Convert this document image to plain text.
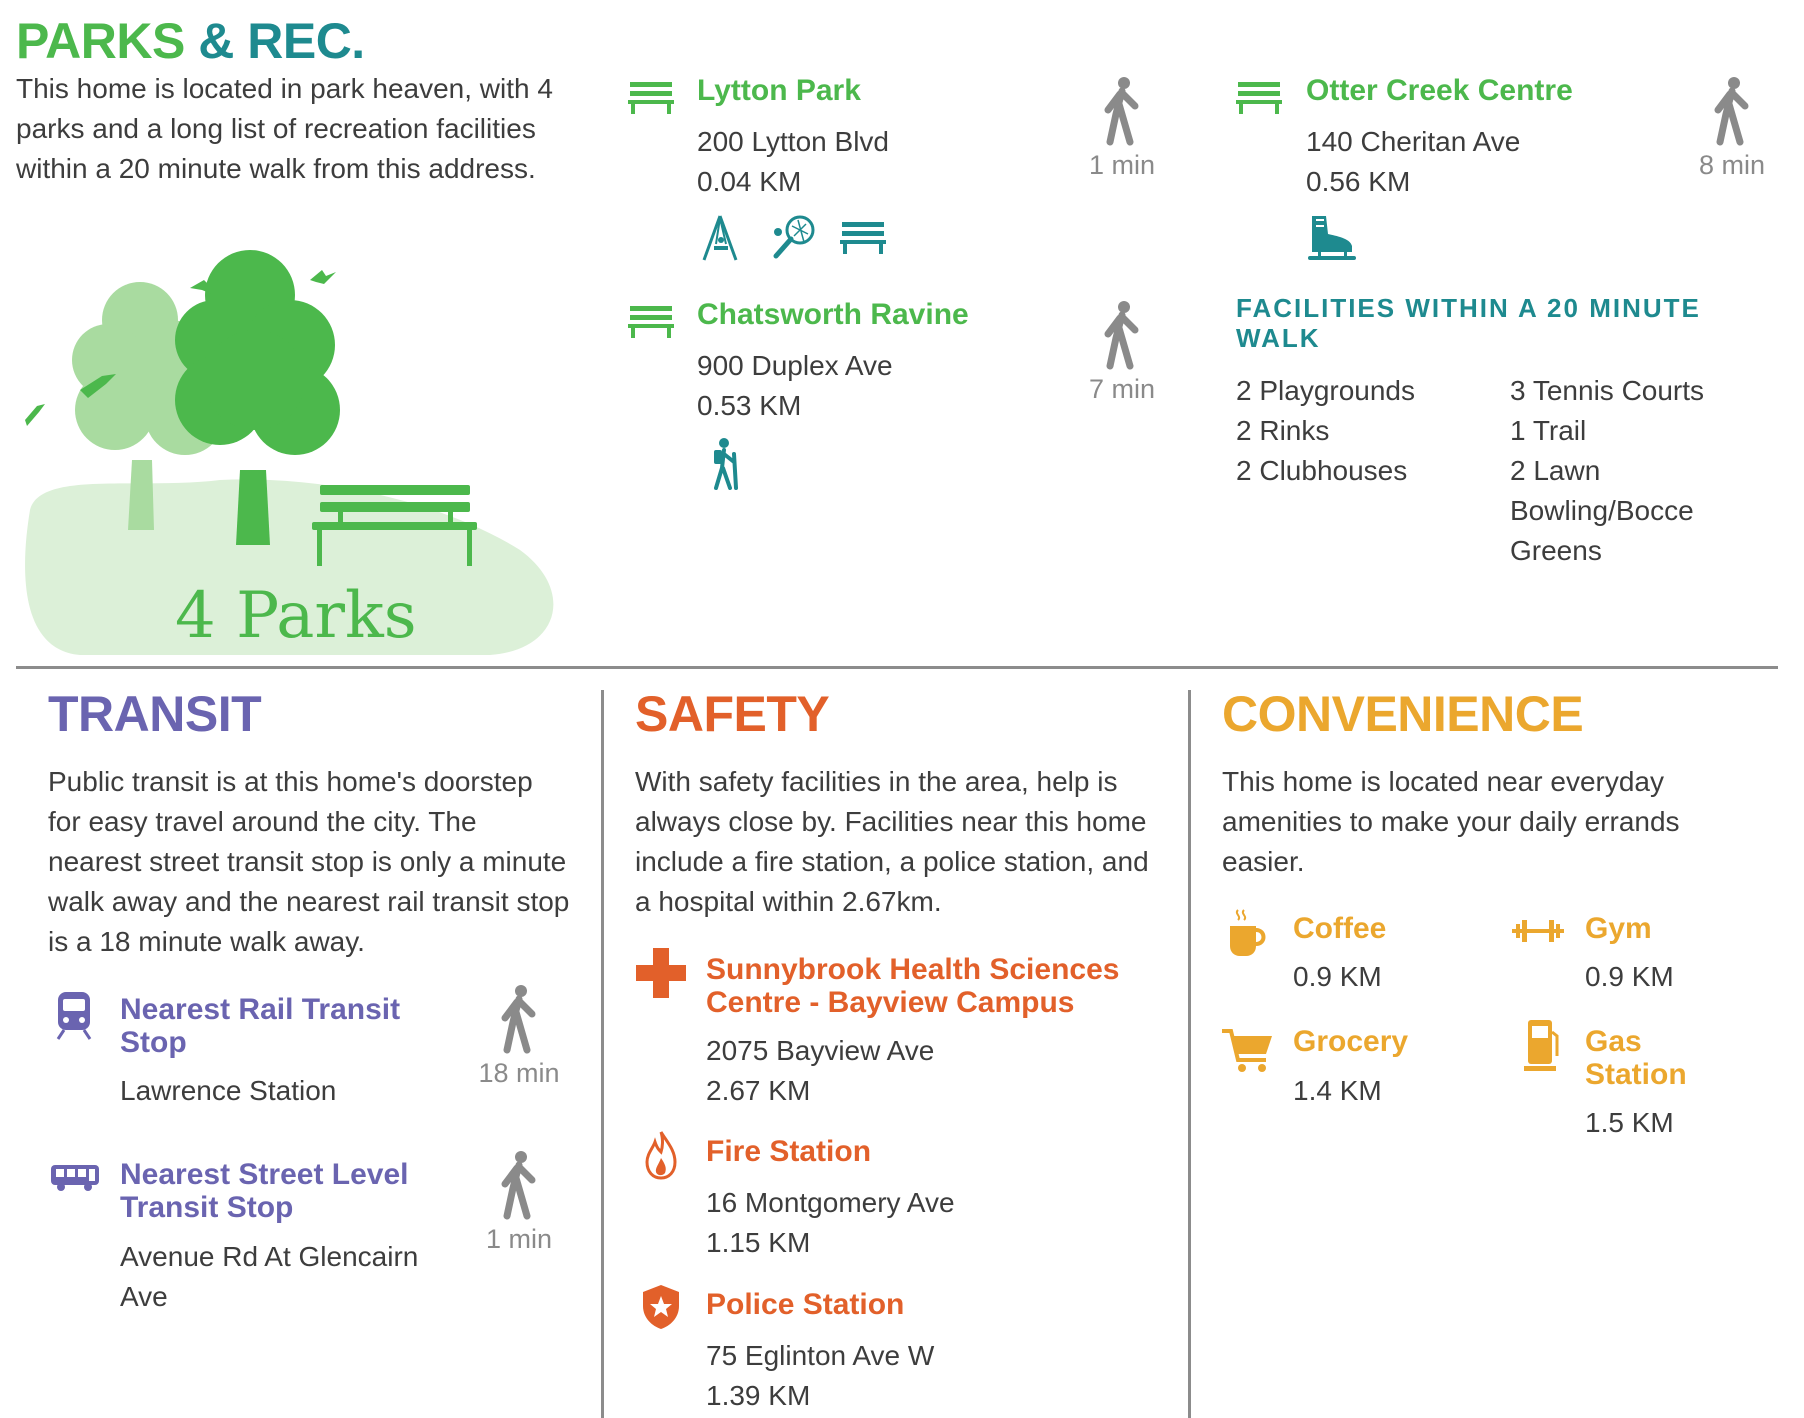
PARKS & REC.
This home is located in park heaven, with 4 parks and a long list of recreation facilities within a 20 minute walk from this address.
4 Parks
Lytton Park
200 Lytton Blvd
0.04 KM
1 min
Chatsworth Ravine
900 Duplex Ave
0.53 KM
7 min
Otter Creek Centre
140 Cheritan Ave
0.56 KM
8 min
FACILITIES WITHIN A 20 MINUTE WALK
2 Playgrounds
2 Rinks
2 Clubhouses
3 Tennis Courts
1 Trail
2 Lawn
Bowling/Bocce
Greens
TRANSIT
Public transit is at this home's doorstep for easy travel around the city. The nearest street transit stop is only a minute walk away and the nearest rail transit stop is a 18 minute walk away.
Nearest Rail Transit
Stop
Lawrence Station
18 min
Nearest Street Level
Transit Stop
Avenue Rd At Glencairn
Ave
1 min
SAFETY
With safety facilities in the area, help is always close by. Facilities near this home include a fire station, a police station, and a hospital within 2.67km.
Sunnybrook Health Sciences
Centre - Bayview Campus
2075 Bayview Ave
2.67 KM
Fire Station
16 Montgomery Ave
1.15 KM
Police Station
75 Eglinton Ave W
1.39 KM
CONVENIENCE
This home is located near everyday amenities to make your daily errands easier.
Coffee
0.9 KM
Gym
0.9 KM
Grocery
1.4 KM
Gas
Station
1.5 KM
